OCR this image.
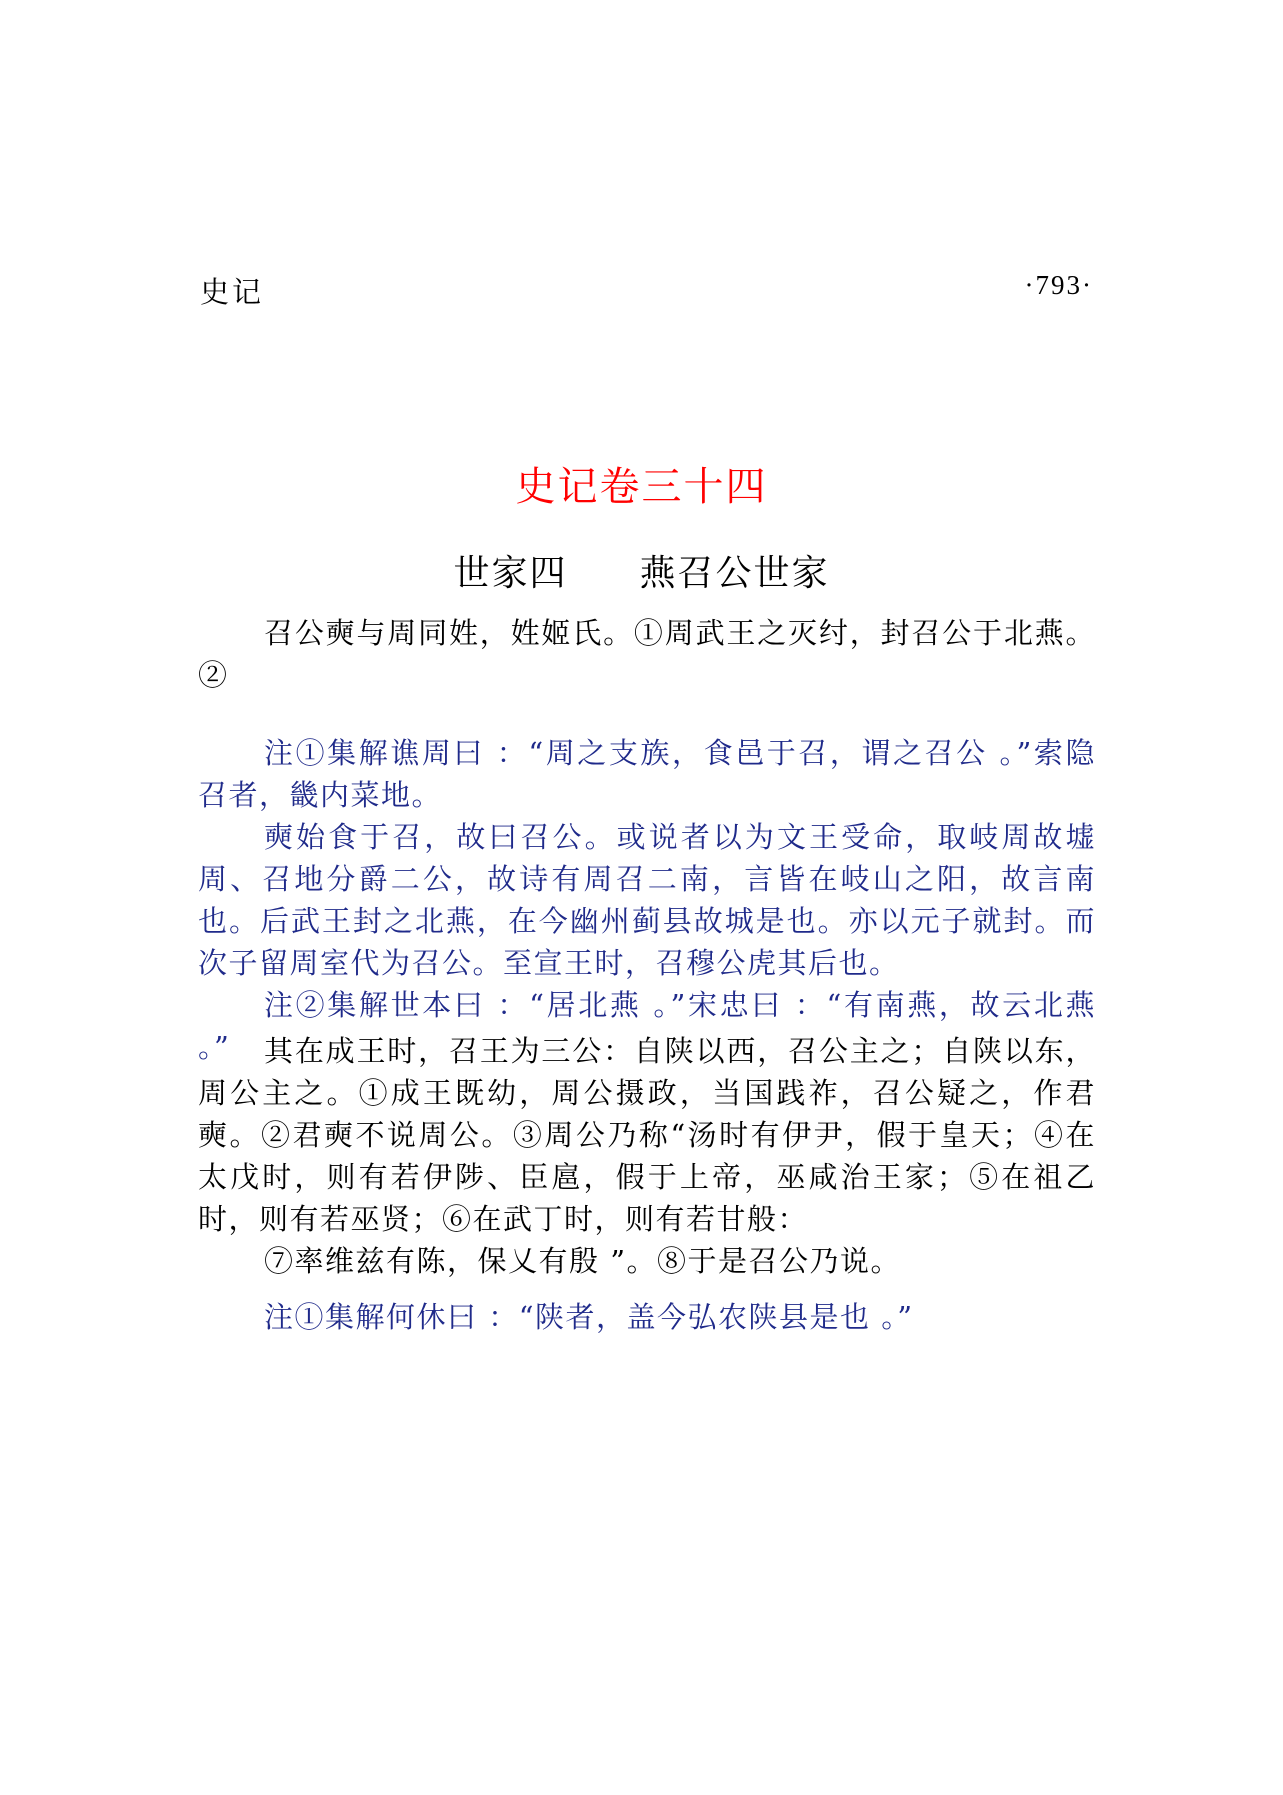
史记	·793·
史记卷三十四
世家四 燕召公世家

召公奭与周同姓，姓姬氏。①周武王之灭纣，封召公于北燕。②

注①集解谯周曰 ：“周之支族，食邑于召，谓之召公 。”索隐召者，畿内菜地。

奭始食于召，故曰召公。或说者以为文王受命，取岐周故墟周、召地分爵二公，故诗有周召二南，言皆在岐山之阳，故言南也。后武王封之北燕，在今幽州蓟县故城是也。亦以元子就封。而次子留周室代为召公。至宣王时，召穆公虎其后也。

注②集解世本曰 ：“居北燕 。”宋忠曰 ：“有南燕，故云北燕 。”	其在成王时，召王为三公：自陕以西，召公主之；自陕以东，周公主之。①成王既幼，周公摄政，当国践祚，召公疑之，作君奭。②君奭不说周公。③周公乃称“汤时有伊尹，假于皇天；④在太戊时，则有若伊陟、臣扈，假于上帝，巫咸治王家；⑤在祖乙时，则有若巫贤；⑥在武丁时，则有若甘般：

⑦率维兹有陈，保乂有殷 ”。⑧于是召公乃说。

注①集解何休曰 ：“陕者，盖今弘农陕县是也 。”
